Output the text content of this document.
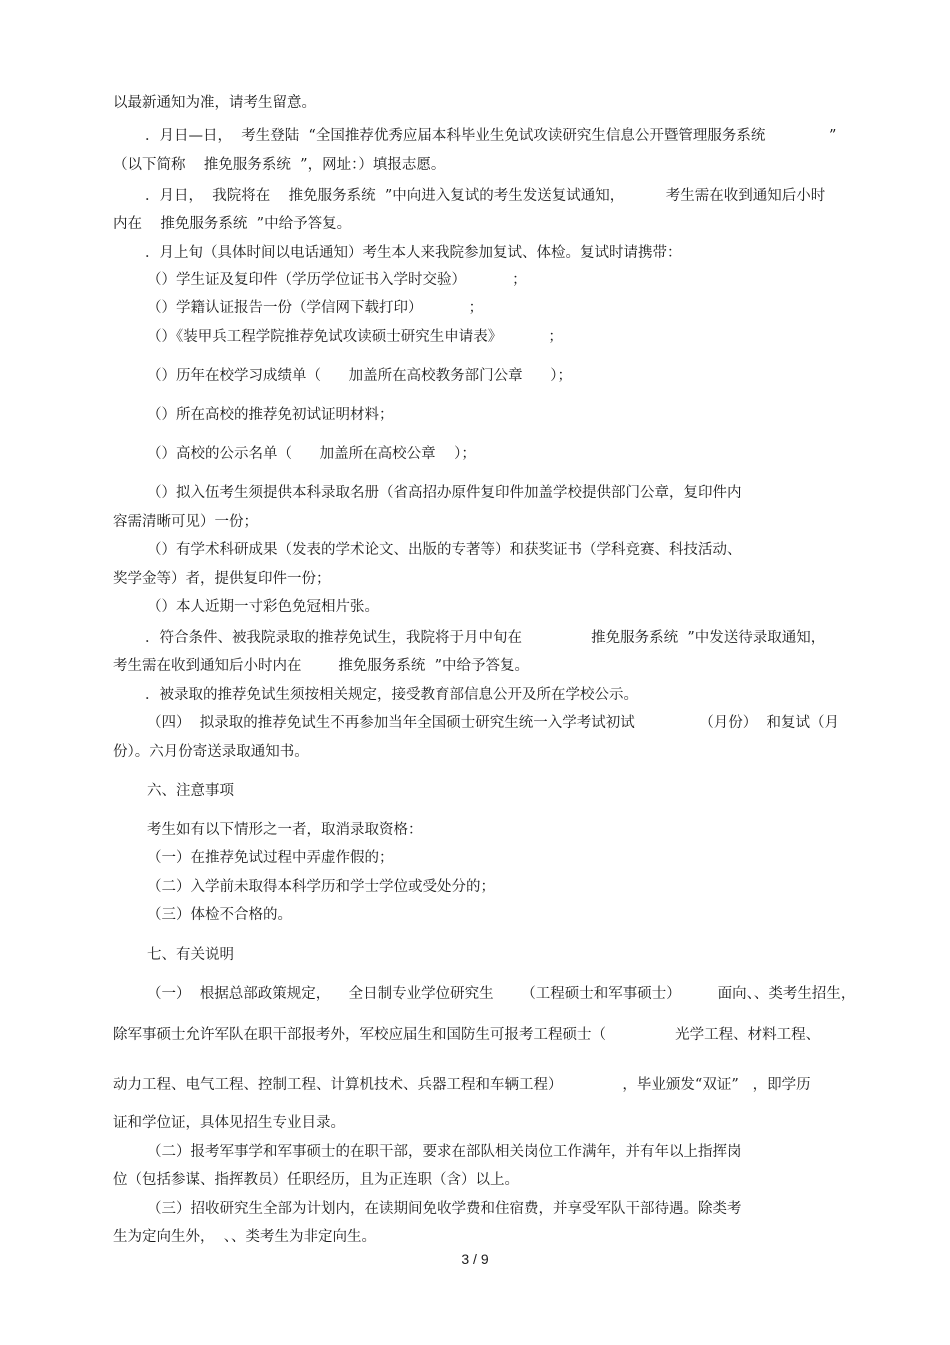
以最新通知为准，请考生留意。
．月日—日，  考生登陆  “全国推荐优秀应届本科毕业生免试攻读研究生信息公开暨管理服务系统	”
（以下简称    推免服务系统  ”，网址：）填报志愿。
．月日，  我院将在    推免服务系统  ”中向进入复试的考生发送复试通知，         考生需在收到通知后小时
内在    推免服务系统  ”中给予答复。
．月上旬（具体时间以电话通知）考生本人来我院参加复试、体检。复试时请携带：
（）学生证及复印件（学历学位证书入学时交验）          ；
（）学籍认证报告一份（学信网下载打印）          ；
（）《装甲兵工程学院推荐免试攻读硕士研究生申请表》          ；
（）历年在校学习成绩单（      加盖所在高校教务部门公章      ）；
（）所在高校的推荐免初试证明材料；
（）高校的公示名单（      加盖所在高校公章    ）；
（）拟入伍考生须提供本科录取名册（省高招办原件复印件加盖学校提供部门公章，复印件内
容需清晰可见）一份；
（）有学术科研成果（发表的学术论文、出版的专著等）和获奖证书（学科竞赛、科技活动、
奖学金等）者，提供复印件一份；
（）本人近期一寸彩色免冠相片张。
．符合条件、被我院录取的推荐免试生，我院将于月中旬在               推免服务系统  ”中发送待录取通知，
考生需在收到通知后小时内在        推免服务系统  ”中给予答复。
．被录取的推荐免试生须按相关规定，接受教育部信息公开及所在学校公示。
（四）  拟录取的推荐免试生不再参加当年全国硕士研究生统一入学考试初试              （月份）  和复试（月
份）。六月份寄送录取通知书。
六、注意事项
考生如有以下情形之一者，取消录取资格：
（一）在推荐免试过程中弄虚作假的；
（二）入学前未取得本科学历和学士学位或受处分的；
（三）体检不合格的。
七、有关说明
（一）  根据总部政策规定，    全日制专业学位研究生      （工程硕士和军事硕士）        面向、、类考生招生，
除军事硕士允许军队在职干部报考外，军校应届生和国防生可报考工程硕士（               光学工程、材料工程、
动力工程、电气工程、控制工程、计算机技术、兵器工程和车辆工程）             ，毕业颁发“双证”   ，即学历
证和学位证，具体见招生专业目录。
（二）报考军事学和军事硕士的在职干部，要求在部队相关岗位工作满年，并有年以上指挥岗
位（包括参谋、指挥教员）任职经历，且为正连职（含）以上。
（三）招收研究生全部为计划内，在读期间免收学费和住宿费，并享受军队干部待遇。除类考
生为定向生外，  、、类考生为非定向生。
3 / 9
